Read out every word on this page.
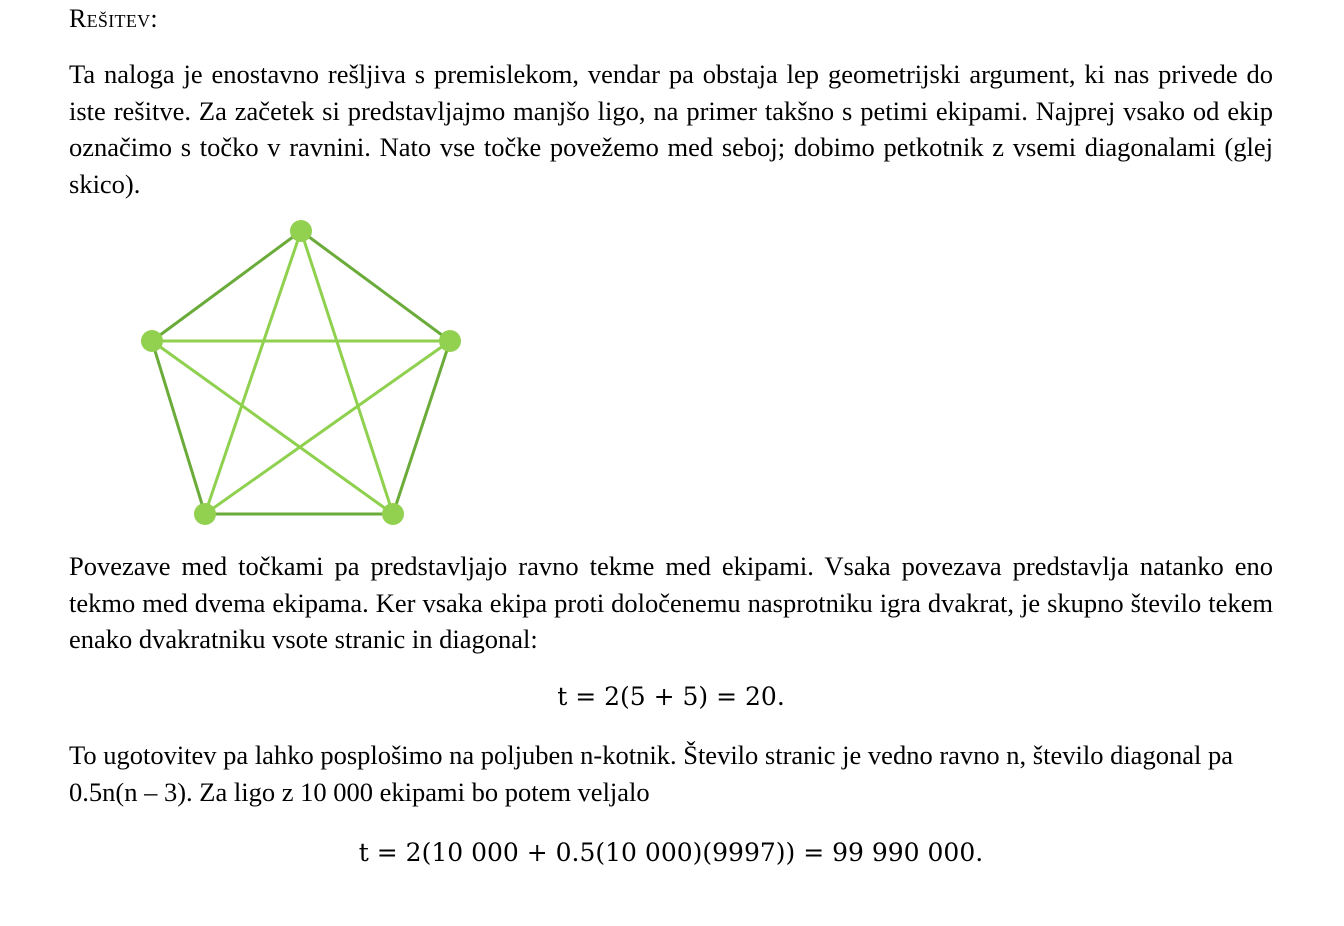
Rešitev:

Ta naloga je enostavno rešljiva s premislekom, vendar pa obstaja lep geometrijski argument, ki nas privede do iste rešitve. Za začetek si predstavljajmo manjšo ligo, na primer takšno s petimi ekipami. Najprej vsako od ekip označimo s točko v ravnini. Nato vse točke povežemo med seboj; dobimo petkotnik z vsemi diagonalami (glej skico).

Povezave med točkami pa predstavljajo ravno tekme med ekipami. Vsaka povezava predstavlja natanko eno tekmo med dvema ekipama. Ker vsaka ekipa proti določenemu nasprotniku igra dvakrat, je skupno število tekem enako dvakratniku vsote stranic in diagonal:

t = 2(5 + 5) = 20.

To ugotovitev pa lahko posplošimo na poljuben n-kotnik. Število stranic je vedno ravno n, število diagonal pa 0.5n(n – 3). Za ligo z 10 000 ekipami bo potem veljalo

t = 2(10 000 + 0.5(10 000)(9997)) = 99 990 000.
